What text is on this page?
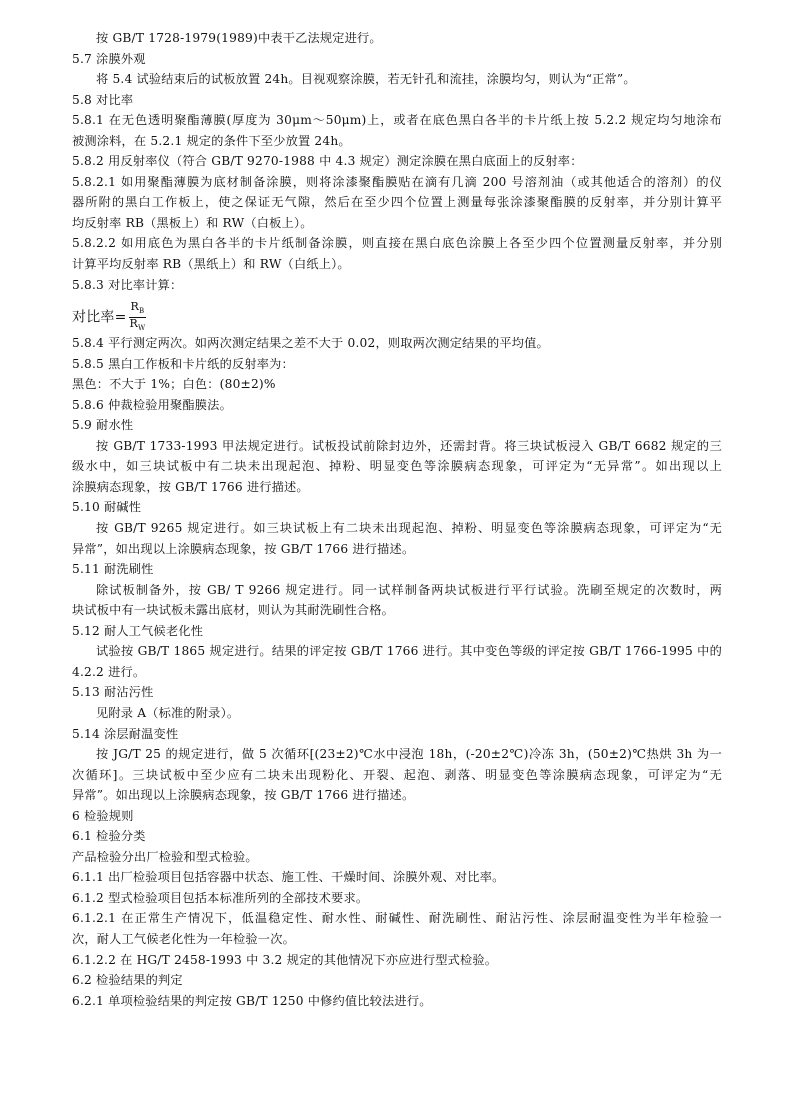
按 GB/T 1728-1979(1989)中表干乙法规定进行。
5.7 涂膜外观
将 5.4 试验结束后的试板放置 24h。目视观察涂膜，若无针孔和流挂，涂膜均匀，则认为“正常”。
5.8 对比率
5.8.1 在无色透明聚酯薄膜(厚度为 30μm～50μm)上，或者在底色黑白各半的卡片纸上按 5.2.2 规定均匀地涂布
被测涂料，在 5.2.1 规定的条件下至少放置 24h。
5.8.2 用反射率仪（符合 GB/T 9270-1988 中 4.3 规定）测定涂膜在黑白底面上的反射率：
5.8.2.1 如用聚酯薄膜为底材制备涂膜，则将涂漆聚酯膜贴在滴有几滴 200 号溶剂油（或其他适合的溶剂）的仪
器所附的黑白工作板上，使之保证无气隙，然后在至少四个位置上测量每张涂漆聚酯膜的反射率，并分别计算平
均反射率 RB（黑板上）和 RW（白板上）。
5.8.2.2 如用底色为黑白各半的卡片纸制备涂膜，则直接在黑白底色涂膜上各至少四个位置测量反射率，并分别
计算平均反射率 RB（黑纸上）和 RW（白纸上）。
5.8.3 对比率计算：
对比率= $\frac{R_B}{R_W}$
5.8.4 平行测定两次。如两次测定结果之差不大于 0.02，则取两次测定结果的平均值。
5.8.5 黑白工作板和卡片纸的反射率为：
黑色：不大于 1%；白色：(80±2)%
5.8.6 仲裁检验用聚酯膜法。
5.9 耐水性
按 GB/T 1733-1993 甲法规定进行。试板投试前除封边外，还需封背。将三块试板浸入 GB/T 6682 规定的三
级水中，如三块试板中有二块未出现起泡、掉粉、明显变色等涂膜病态现象，可评定为“无异常”。如出现以上
涂膜病态现象，按 GB/T 1766 进行描述。
5.10 耐碱性
按 GB/T 9265 规定进行。如三块试板上有二块未出现起泡、掉粉、明显变色等涂膜病态现象，可评定为“无
异常”，如出现以上涂膜病态现象，按 GB/T 1766 进行描述。
5.11 耐洗刷性
除试板制备外，按 GB/ T 9266 规定进行。同一试样制备两块试板进行平行试验。洗刷至规定的次数时，两
块试板中有一块试板未露出底材，则认为其耐洗刷性合格。
5.12 耐人工气候老化性
试验按 GB/T 1865 规定进行。结果的评定按 GB/T 1766 进行。其中变色等级的评定按 GB/T 1766-1995 中的
4.2.2 进行。
5.13 耐沾污性
见附录 A（标准的附录）。
5.14 涂层耐温变性
按 JG/T 25 的规定进行，做 5 次循环[(23±2)℃水中浸泡 18h，(-20±2℃)冷冻 3h，(50±2)℃热烘 3h 为一
次循环]。三块试板中至少应有二块未出现粉化、开裂、起泡、剥落、明显变色等涂膜病态现象，可评定为“无
异常”。如出现以上涂膜病态现象，按 GB/T 1766 进行描述。
6 检验规则
6.1 检验分类
产品检验分出厂检验和型式检验。
6.1.1 出厂检验项目包括容器中状态、施工性、干燥时间、涂膜外观、对比率。
6.1.2 型式检验项目包括本标准所列的全部技术要求。
6.1.2.1 在正常生产情况下，低温稳定性、耐水性、耐碱性、耐洗刷性、耐沾污性、涂层耐温变性为半年检验一
次，耐人工气候老化性为一年检验一次。
6.1.2.2 在 HG/T 2458-1993 中 3.2 规定的其他情况下亦应进行型式检验。
6.2 检验结果的判定
6.2.1 单项检验结果的判定按 GB/T 1250 中修约值比较法进行。
